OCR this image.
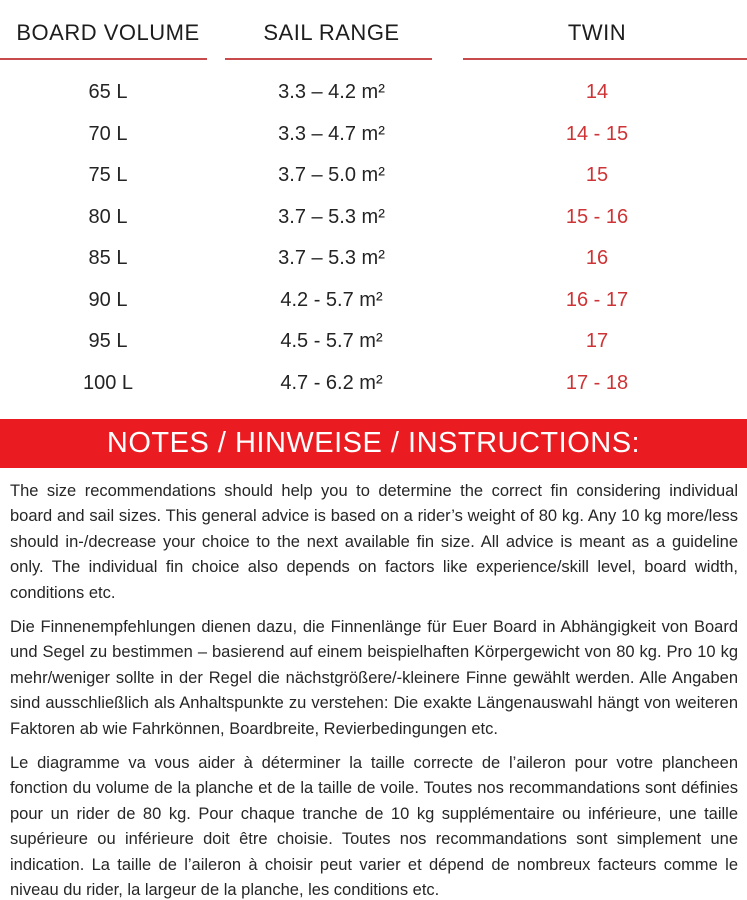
BOARD VOLUME	SAIL RANGE	TWIN
65 L	3.3 – 4.2 m²	14
70 L	3.3 – 4.7 m²	14 - 15
75 L	3.7 – 5.0 m²	15
80 L	3.7 – 5.3 m²	15 - 16
85 L	3.7 – 5.3 m²	16
90 L	4.2 - 5.7 m²	16 - 17
95 L	4.5 - 5.7 m²	17
100 L	4.7 - 6.2 m²	17 - 18
NOTES / HINWEISE / INSTRUCTIONS:

The size recommendations should help you to determine the correct fin considering individual board and sail sizes. This general advice is based on a rider’s weight of 80 kg. Any 10 kg more/less should in-/decrease your choice to the next available fin size. All advice is meant as a guideline only. The individual fin choice also depends on factors like experience/skill level, board width, conditions etc.

Die Finnenempfehlungen dienen dazu, die Finnenlänge für Euer Board in Abhängigkeit von Board und Segel zu bestimmen – basierend auf einem beispielhaften Körpergewicht von 80 kg. Pro 10 kg mehr/weniger sollte in der Regel die nächstgrößere/-kleinere Finne gewählt werden. Alle Angaben sind ausschließlich als Anhaltspunkte zu verstehen: Die exakte Längenauswahl hängt von weiteren Faktoren ab wie Fahrkönnen, Boardbreite, Revierbedingungen etc.

Le diagramme va vous aider à déterminer la taille correcte de l’aileron pour votre plancheen fonction du volume de la planche et de la taille de voile. Toutes nos recommandations sont définies pour un rider de 80 kg. Pour chaque tranche de 10 kg supplémentaire ou inférieure, une taille supérieure ou inférieure doit être choisie. Toutes nos recommandations sont simplement une indication. La taille de l’aileron à choisir peut varier et dépend de nombreux facteurs comme le niveau du rider, la largeur de la planche, les conditions etc.
